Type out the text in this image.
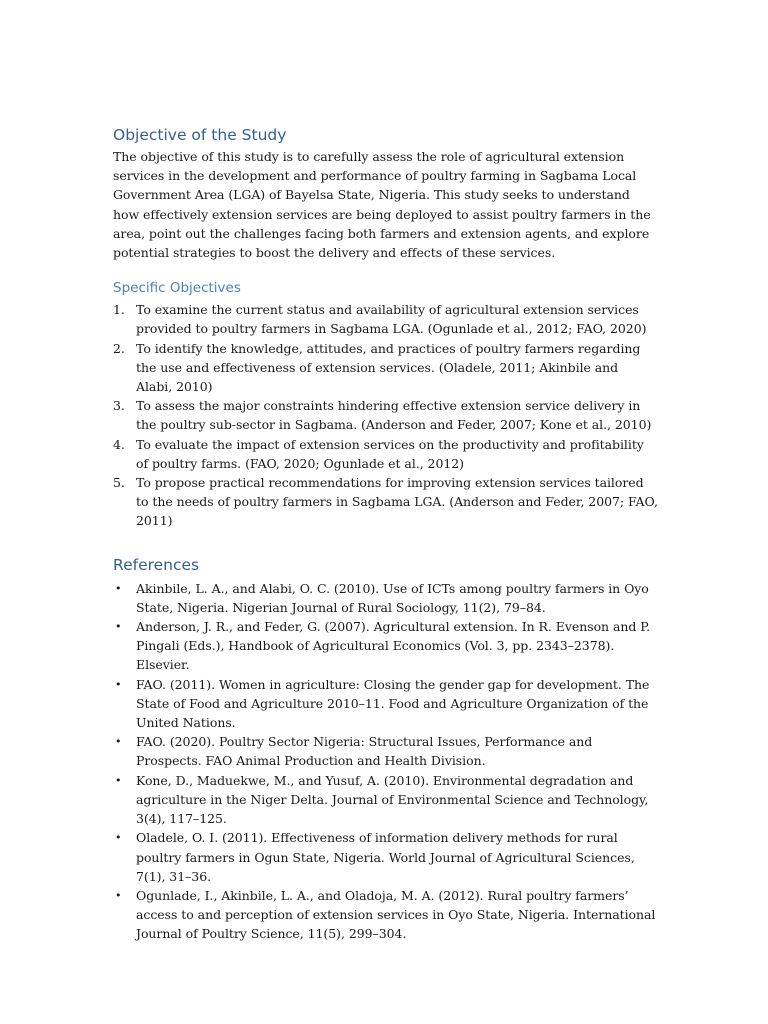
Objective of the Study

The objective of this study is to carefully assess the role of agricultural extension services in the development and performance of poultry farming in Sagbama Local Government Area (LGA) of Bayelsa State, Nigeria. This study seeks to understand how effectively extension services are being deployed to assist poultry farmers in the area, point out the challenges facing both farmers and extension agents, and explore potential strategies to boost the delivery and effects of these services.

Specific Objectives
1. To examine the current status and availability of agricultural extension services provided to poultry farmers in Sagbama LGA. (Ogunlade et al., 2012; FAO, 2020)
2. To identify the knowledge, attitudes, and practices of poultry farmers regarding the use and effectiveness of extension services. (Oladele, 2011; Akinbile and Alabi, 2010)
3. To assess the major constraints hindering effective extension service delivery in the poultry sub-sector in Sagbama. (Anderson and Feder, 2007; Kone et al., 2010)
4. To evaluate the impact of extension services on the productivity and profitability of poultry farms. (FAO, 2020; Ogunlade et al., 2012)
5. To propose practical recommendations for improving extension services tailored to the needs of poultry farmers in Sagbama LGA. (Anderson and Feder, 2007; FAO, 2011)
References
• Akinbile, L. A., and Alabi, O. C. (2010). Use of ICTs among poultry farmers in Oyo State, Nigeria. Nigerian Journal of Rural Sociology, 11(2), 79–84.
• Anderson, J. R., and Feder, G. (2007). Agricultural extension. In R. Evenson and P. Pingali (Eds.), Handbook of Agricultural Economics (Vol. 3, pp. 2343–2378). Elsevier.
• FAO. (2011). Women in agriculture: Closing the gender gap for development. The State of Food and Agriculture 2010–11. Food and Agriculture Organization of the United Nations.
• FAO. (2020). Poultry Sector Nigeria: Structural Issues, Performance and Prospects. FAO Animal Production and Health Division.
• Kone, D., Maduekwe, M., and Yusuf, A. (2010). Environmental degradation and agriculture in the Niger Delta. Journal of Environmental Science and Technology, 3(4), 117–125.
• Oladele, O. I. (2011). Effectiveness of information delivery methods for rural poultry farmers in Ogun State, Nigeria. World Journal of Agricultural Sciences, 7(1), 31–36.
• Ogunlade, I., Akinbile, L. A., and Oladoja, M. A. (2012). Rural poultry farmers’ access to and perception of extension services in Oyo State, Nigeria. International Journal of Poultry Science, 11(5), 299–304.
